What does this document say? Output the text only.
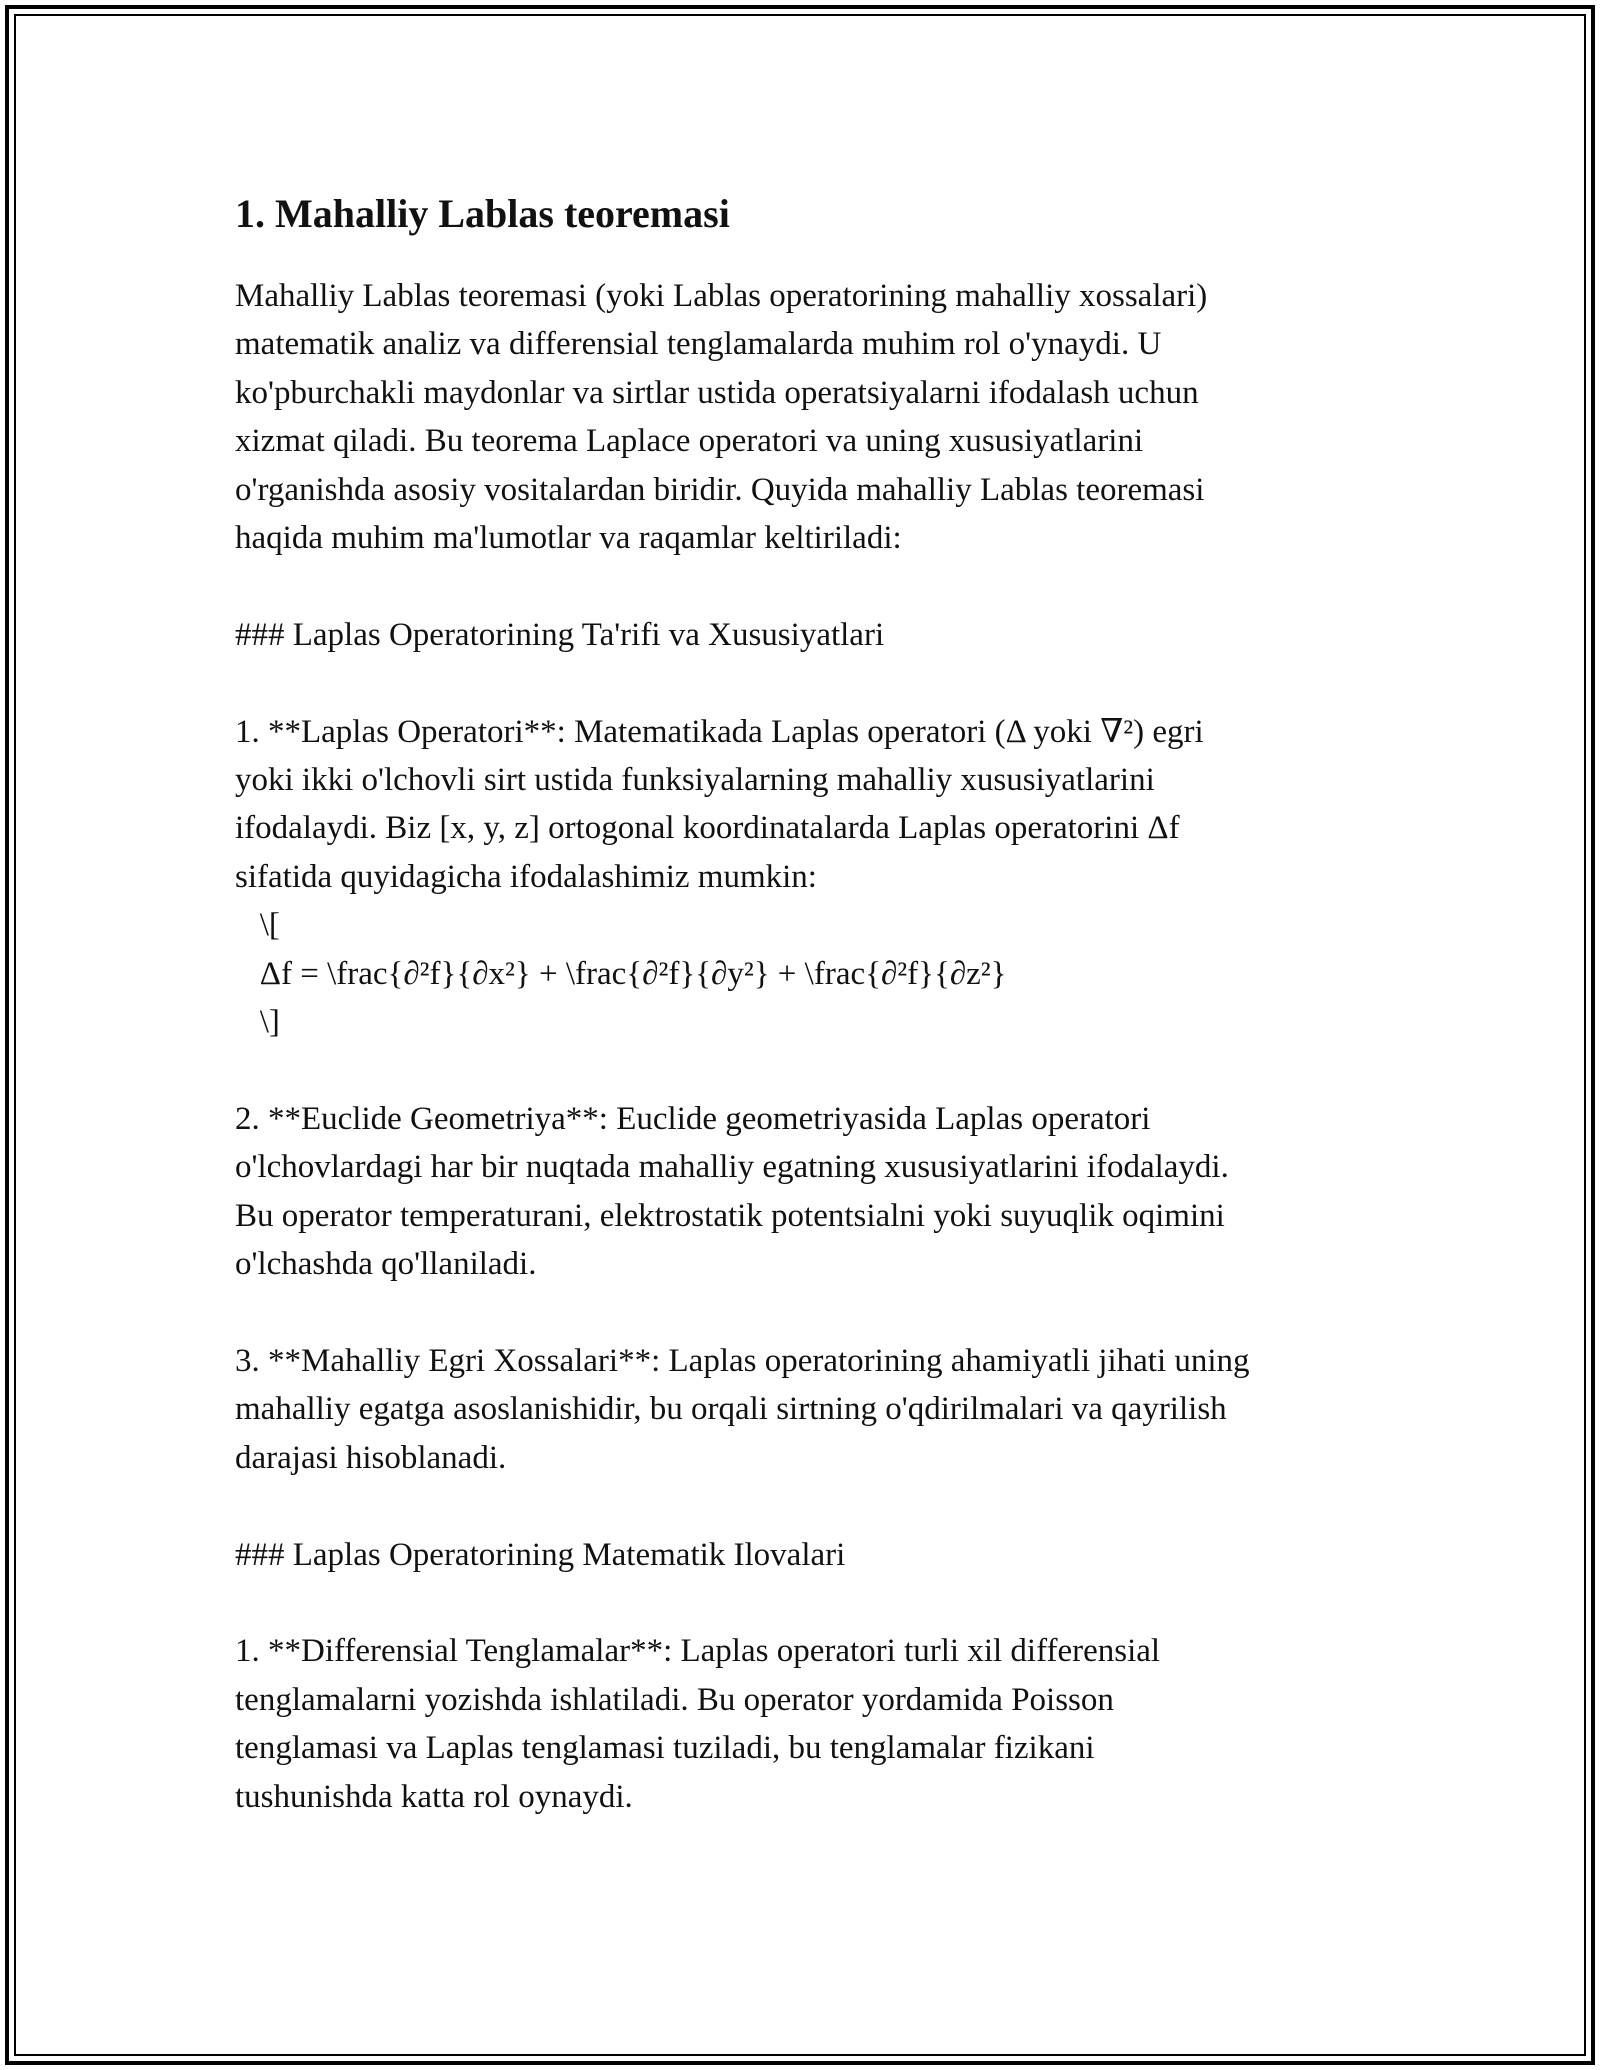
1. Mahalliy Lablas teoremasi

Mahalliy Lablas teoremasi (yoki Lablas operatorining mahalliy xossalari)
matematik analiz va differensial tenglamalarda muhim rol o'ynaydi. U
ko'pburchakli maydonlar va sirtlar ustida operatsiyalarni ifodalash uchun
xizmat qiladi. Bu teorema Laplace operatori va uning xususiyatlarini
o'rganishda asosiy vositalardan biridir. Quyida mahalliy Lablas teoremasi
haqida muhim ma'lumotlar va raqamlar keltiriladi:

### Laplas Operatorining Ta'rifi va Xususiyatlari

1. **Laplas Operatori**: Matematikada Laplas operatori (Δ yoki ∇²) egri
yoki ikki o'lchovli sirt ustida funksiyalarning mahalliy xususiyatlarini
ifodalaydi. Biz [x, y, z] ortogonal koordinatalarda Laplas operatorini Δf
sifatida quyidagicha ifodalashimiz mumkin:
\[
Δf = \frac{∂²f}{∂x²} + \frac{∂²f}{∂y²} + \frac{∂²f}{∂z²}
\]

2. **Euclide Geometriya**: Euclide geometriyasida Laplas operatori
o'lchovlardagi har bir nuqtada mahalliy egatning xususiyatlarini ifodalaydi.
Bu operator temperaturani, elektrostatik potentsialni yoki suyuqlik oqimini
o'lchashda qo'llaniladi.

3. **Mahalliy Egri Xossalari**: Laplas operatorining ahamiyatli jihati uning
mahalliy egatga asoslanishidir, bu orqali sirtning o'qdirilmalari va qayrilish
darajasi hisoblanadi.

### Laplas Operatorining Matematik Ilovalari

1. **Differensial Tenglamalar**: Laplas operatori turli xil differensial
tenglamalarni yozishda ishlatiladi. Bu operator yordamida Poisson
tenglamasi va Laplas tenglamasi tuziladi, bu tenglamalar fizikani
tushunishda katta rol oynaydi.
